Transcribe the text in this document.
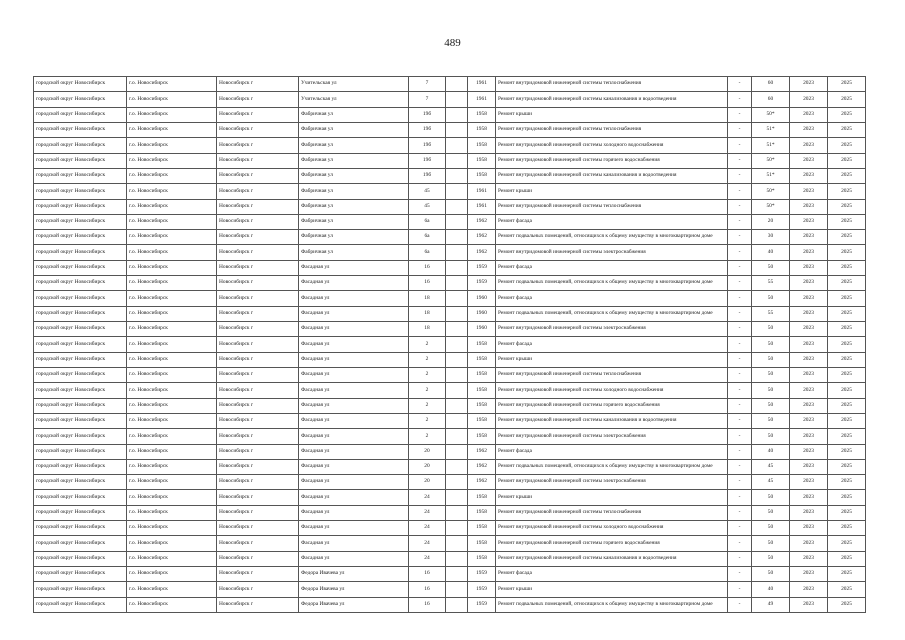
489
городской округ Новосибирск	г.о. Новосибирск	Новосибирск г	Учительская ул	7		1961	Ремонт внутридомовой инженерной системы теплоснабжения	-	60	2023	2025
городской округ Новосибирск	г.о. Новосибирск	Новосибирск г	Учительская ул	7		1961	Ремонт внутридомовой инженерной системы канализования и водоотведения	-	60	2023	2025
городской округ Новосибирск	г.о. Новосибирск	Новосибирск г	Фабричная ул	19б		1958	Ремонт крыши	-	50*	2023	2025
городской округ Новосибирск	г.о. Новосибирск	Новосибирск г	Фабричная ул	19б		1958	Ремонт внутридомовой инженерной системы теплоснабжения	-	51*	2023	2025
городской округ Новосибирск	г.о. Новосибирск	Новосибирск г	Фабричная ул	19б		1958	Ремонт внутридомовой инженерной системы холодного водоснабжения	-	51*	2023	2025
городской округ Новосибирск	г.о. Новосибирск	Новосибирск г	Фабричная ул	19б		1958	Ремонт внутридомовой инженерной системы горячего водоснабжения	-	50*	2023	2025
городской округ Новосибирск	г.о. Новосибирск	Новосибирск г	Фабричная ул	19б		1958	Ремонт внутридомовой инженерной системы канализования и водоотведения	-	51*	2023	2025
городской округ Новосибирск	г.о. Новосибирск	Новосибирск г	Фабричная ул	45		1961	Ремонт крыши	-	50*	2023	2025
городской округ Новосибирск	г.о. Новосибирск	Новосибирск г	Фабричная ул	45		1961	Ремонт внутридомовой инженерной системы теплоснабжения	-	50*	2023	2025
городской округ Новосибирск	г.о. Новосибирск	Новосибирск г	Фабричная ул	6а		1962	Ремонт фасада	-	20	2023	2025
городской округ Новосибирск	г.о. Новосибирск	Новосибирск г	Фабричная ул	6а		1962	Ремонт подвальных помещений, относящихся к общему имуществу в многоквартирном доме	-	30	2023	2025
городской округ Новосибирск	г.о. Новосибирск	Новосибирск г	Фабричная ул	6а		1962	Ремонт внутридомовой инженерной системы электроснабжения	-	40	2023	2025
городской округ Новосибирск	г.о. Новосибирск	Новосибирск г	Фасадная ул	16		1959	Ремонт фасада	-	50	2023	2025
городской округ Новосибирск	г.о. Новосибирск	Новосибирск г	Фасадная ул	16		1959	Ремонт подвальных помещений, относящихся к общему имуществу в многоквартирном доме	-	55	2023	2025
городской округ Новосибирск	г.о. Новосибирск	Новосибирск г	Фасадная ул	18		1960	Ремонт фасада	-	50	2023	2025
городской округ Новосибирск	г.о. Новосибирск	Новосибирск г	Фасадная ул	18		1960	Ремонт подвальных помещений, относящихся к общему имуществу в многоквартирном доме	-	55	2023	2025
городской округ Новосибирск	г.о. Новосибирск	Новосибирск г	Фасадная ул	18		1960	Ремонт внутридомовой инженерной системы электроснабжения	-	50	2023	2025
городской округ Новосибирск	г.о. Новосибирск	Новосибирск г	Фасадная ул	2		1958	Ремонт фасада	-	50	2023	2025
городской округ Новосибирск	г.о. Новосибирск	Новосибирск г	Фасадная ул	2		1958	Ремонт крыши	-	50	2023	2025
городской округ Новосибирск	г.о. Новосибирск	Новосибирск г	Фасадная ул	2		1958	Ремонт внутридомовой инженерной системы теплоснабжения	-	50	2023	2025
городской округ Новосибирск	г.о. Новосибирск	Новосибирск г	Фасадная ул	2		1958	Ремонт внутридомовой инженерной системы холодного водоснабжения	-	50	2023	2025
городской округ Новосибирск	г.о. Новосибирск	Новосибирск г	Фасадная ул	2		1958	Ремонт внутридомовой инженерной системы горячего водоснабжения	-	50	2023	2025
городской округ Новосибирск	г.о. Новосибирск	Новосибирск г	Фасадная ул	2		1958	Ремонт внутридомовой инженерной системы канализования и водоотведения	-	50	2023	2025
городской округ Новосибирск	г.о. Новосибирск	Новосибирск г	Фасадная ул	2		1958	Ремонт внутридомовой инженерной системы электроснабжения	-	50	2023	2025
городской округ Новосибирск	г.о. Новосибирск	Новосибирск г	Фасадная ул	20		1962	Ремонт фасада	-	40	2023	2025
городской округ Новосибирск	г.о. Новосибирск	Новосибирск г	Фасадная ул	20		1962	Ремонт подвальных помещений, относящихся к общему имуществу в многоквартирном доме	-	45	2023	2025
городской округ Новосибирск	г.о. Новосибирск	Новосибирск г	Фасадная ул	20		1962	Ремонт внутридомовой инженерной системы электроснабжения	-	45	2023	2025
городской округ Новосибирск	г.о. Новосибирск	Новосибирск г	Фасадная ул	24		1958	Ремонт крыши	-	50	2023	2025
городской округ Новосибирск	г.о. Новосибирск	Новосибирск г	Фасадная ул	24		1958	Ремонт внутридомовой инженерной системы теплоснабжения	-	50	2023	2025
городской округ Новосибирск	г.о. Новосибирск	Новосибирск г	Фасадная ул	24		1958	Ремонт внутридомовой инженерной системы холодного водоснабжения	-	50	2023	2025
городской округ Новосибирск	г.о. Новосибирск	Новосибирск г	Фасадная ул	24		1958	Ремонт внутридомовой инженерной системы горячего водоснабжения	-	50	2023	2025
городской округ Новосибирск	г.о. Новосибирск	Новосибирск г	Фасадная ул	24		1958	Ремонт внутридомовой инженерной системы канализования и водоотведения	-	50	2023	2025
городской округ Новосибирск	г.о. Новосибирск	Новосибирск г	Федора Ивачева ул	16		1959	Ремонт фасада	-	50	2023	2025
городской округ Новосибирск	г.о. Новосибирск	Новосибирск г	Федора Ивачева ул	16		1959	Ремонт крыши	-	40	2023	2025
городской округ Новосибирск	г.о. Новосибирск	Новосибирск г	Федора Ивачева ул	16		1959	Ремонт подвальных помещений, относящихся к общему имуществу в многоквартирном доме	-	49	2023	2025
